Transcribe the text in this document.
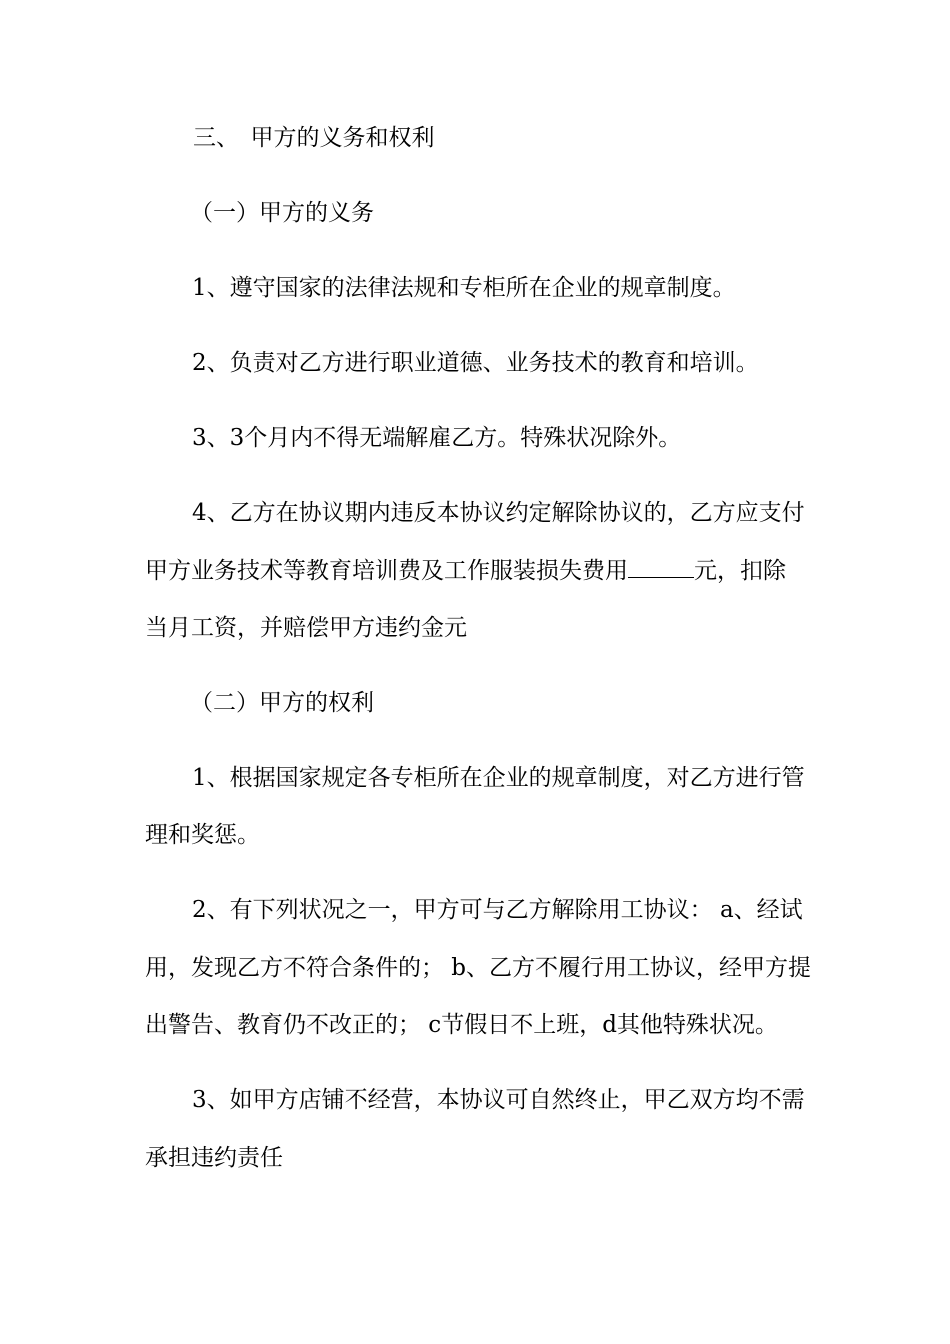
三、　甲方的义务和权利
（一）甲方的义务
1、遵守国家的法律法规和专柜所在企业的规章制度。
2、负责对乙方进行职业道德、业务技术的教育和培训。
3、3个月内不得无端解雇乙方。特殊状况除外。
4、乙方在协议期内违反本协议约定解除协议的，乙方应支付
甲方业务技术等教育培训费及工作服装损失费用	元，扣除
当月工资，并赔偿甲方违约金元
（二）甲方的权利
1、根据国家规定各专柜所在企业的规章制度，对乙方进行管
理和奖惩。
2、有下列状况之一，甲方可与乙方解除用工协议： a、经试
用，发现乙方不符合条件的； b、乙方不履行用工协议，经甲方提
出警告、教育仍不改正的； c节假日不上班，d其他特殊状况。
3、如甲方店铺不经营，本协议可自然终止，甲乙双方均不需
承担违约责任
